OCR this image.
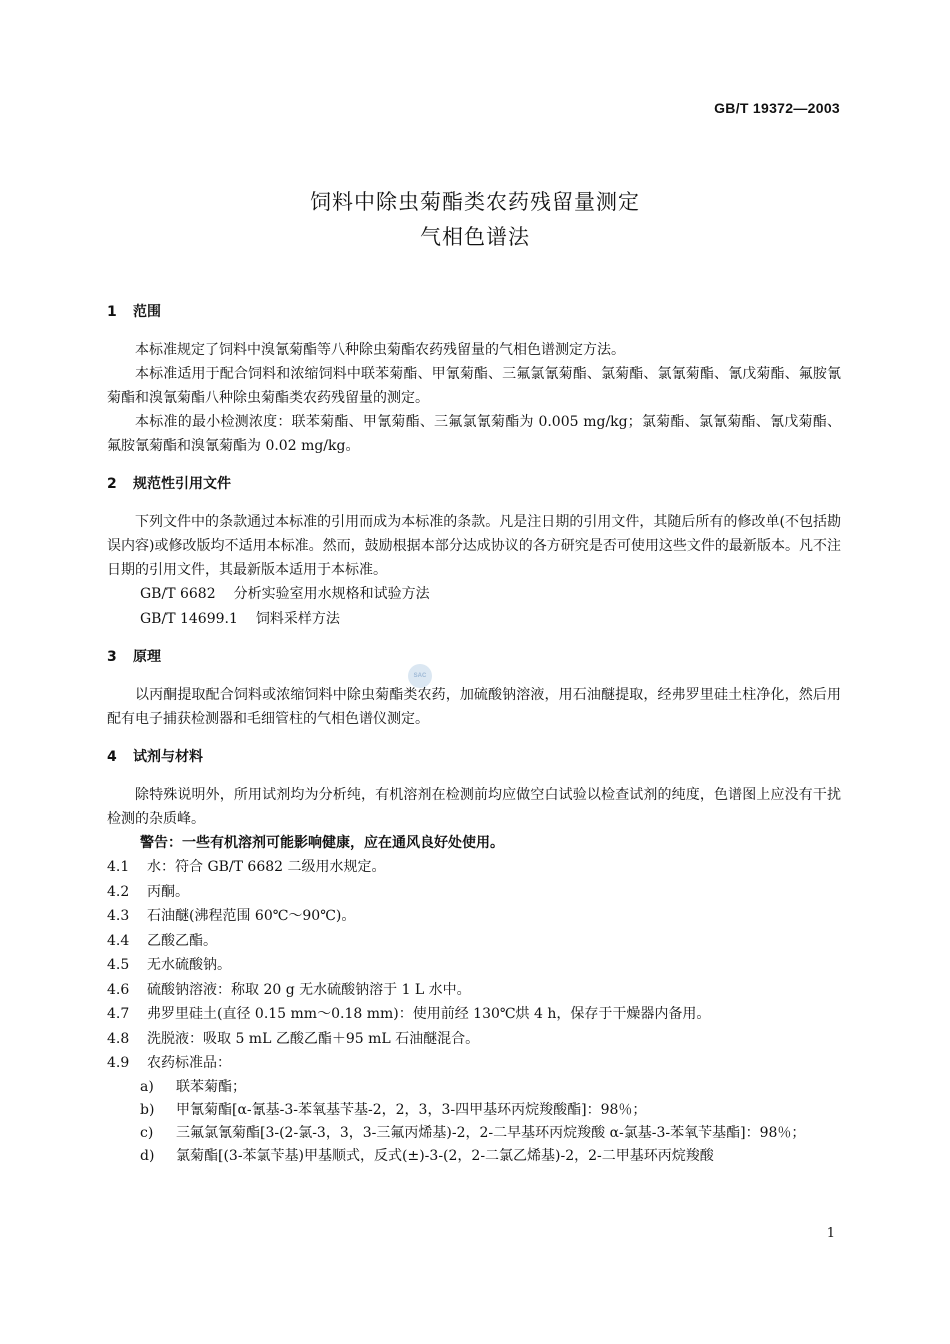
GB/T 19372—2003
饲料中除虫菊酯类农药残留量测定
气相色谱法
SAC
1	范围

本标准规定了饲料中溴氰菊酯等八种除虫菊酯农药残留量的气相色谱测定方法。

本标准适用于配合饲料和浓缩饲料中联苯菊酯、甲氰菊酯、三氟氯氰菊酯、氯菊酯、氯氰菊酯、氰戊菊酯、氟胺氰菊酯和溴氰菊酯八种除虫菊酯类农药残留量的测定。

本标准的最小检测浓度：联苯菊酯、甲氰菊酯、三氟氯氰菊酯为 0.005 mg/kg；氯菊酯、氯氰菊酯、氰戊菊酯、氟胺氰菊酯和溴氰菊酯为 0.02 mg/kg。

2	规范性引用文件

下列文件中的条款通过本标准的引用而成为本标准的条款。凡是注日期的引用文件，其随后所有的修改单(不包括勘误内容)或修改版均不适用本标准。然而，鼓励根据本部分达成协议的各方研究是否可使用这些文件的最新版本。凡不注日期的引用文件，其最新版本适用于本标准。

GB/T 6682 分析实验室用水规格和试验方法
GB/T 14699.1 饲料采样方法
3	原理

以丙酮提取配合饲料或浓缩饲料中除虫菊酯类农药，加硫酸钠溶液，用石油醚提取，经弗罗里硅土柱净化，然后用配有电子捕获检测器和毛细管柱的气相色谱仪测定。

4	试剂与材料

除特殊说明外，所用试剂均为分析纯，有机溶剂在检测前均应做空白试验以检查试剂的纯度，色谱图上应没有干扰检测的杂质峰。

警告：一些有机溶剂可能影响健康，应在通风良好处使用。
4.1	水：符合 GB/T 6682 二级用水规定。
4.2	丙酮。
4.3	石油醚(沸程范围 60℃～90℃)。
4.4	乙酸乙酯。
4.5	无水硫酸钠。
4.6	硫酸钠溶液：称取 20 g 无水硫酸钠溶于 1 L 水中。
4.7	弗罗里硅土(直径 0.15 mm～0.18 mm)：使用前经 130℃烘 4 h，保存于干燥器内备用。
4.8	洗脱液：吸取 5 mL 乙酸乙酯＋95 mL 石油醚混合。
4.9	农药标准品：
a)	联苯菊酯；
b)	甲氰菊酯[α-氰基-3-苯氧基苄基-2，2，3，3-四甲基环丙烷羧酸酯]：98％；
c)	三氟氯氰菊酯[3-(2-氯-3，3，3-三氟丙烯基)-2，2-二早基环丙烷羧酸 α-氯基-3-苯氧苄基酯]：98％；
d)	氯菊酯[(3-苯氯苄基)甲基顺式，反式(±)-3-(2，2-二氯乙烯基)-2，2-二甲基环丙烷羧酸
1
